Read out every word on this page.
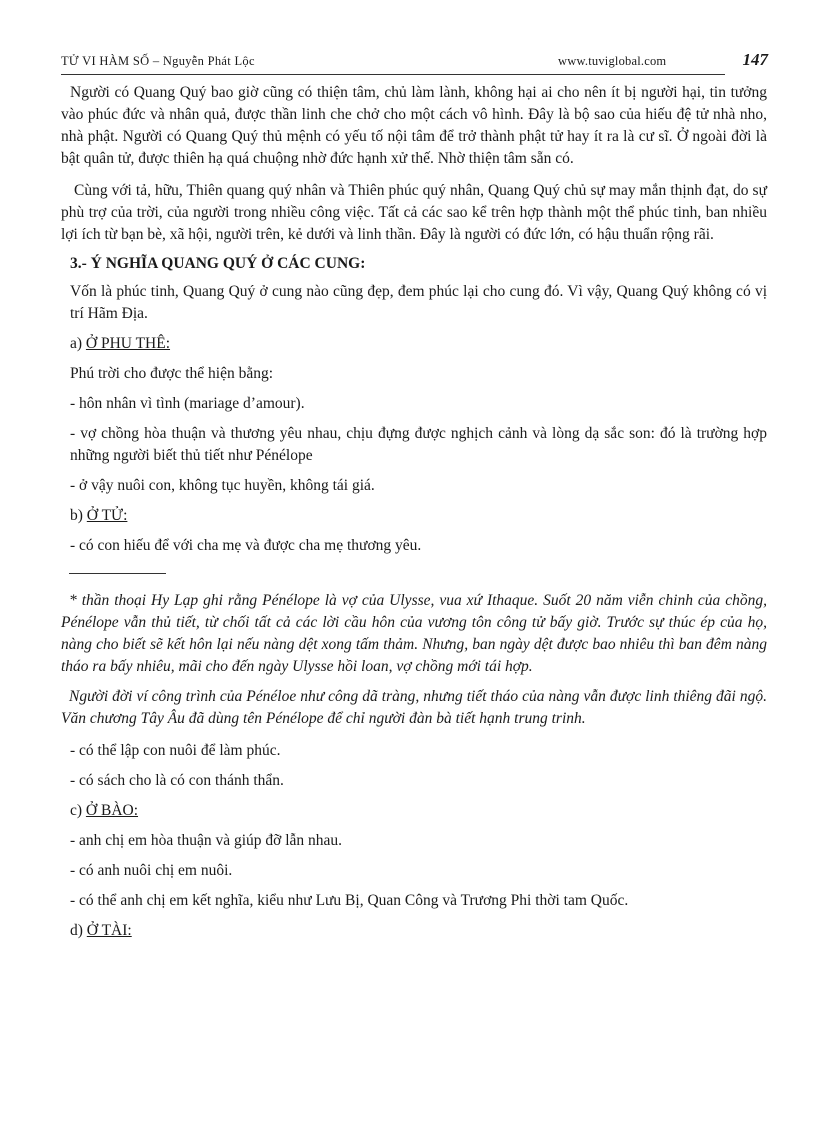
TỬ VI HÀM SỐ – Nguyễn Phát Lộc	www.tuviglobal.com	147

Người có Quang Quý bao giờ cũng có thiện tâm, chủ làm lành, không hại ai cho nên ít bị người hại, tin tưởng vào phúc đức và nhân quả, được thần linh che chở cho một cách vô hình. Đây là bộ sao của hiếu đệ tử nhà nho, nhà phật. Người có Quang Quý thủ mệnh có yếu tố nội tâm để trở thành phật tử hay ít ra là cư sĩ. Ở ngoài đời là bật quân tử, được thiên hạ quá chuộng nhờ đức hạnh xử thế. Nhờ thiện tâm sẵn có.

Cùng với tả, hữu, Thiên quang quý nhân và Thiên phúc quý nhân, Quang Quý chủ sự may mắn thịnh đạt, do sự phù trợ của trời, của người trong nhiều công việc. Tất cả các sao kể trên hợp thành một thể phúc tinh, ban nhiều lợi ích từ bạn bè, xã hội, người trên, kẻ dưới và linh thần. Đây là người có đức lớn, có hậu thuẩn rộng rãi.

3.- Ý NGHĨA QUANG QUÝ Ở CÁC CUNG:

Vốn là phúc tinh, Quang Quý ở cung nào cũng đẹp, đem phúc lại cho cung đó. Vì vậy, Quang Quý không có vị trí Hãm Địa.

a) Ở PHU THÊ:

Phú trời cho được thể hiện bằng:

- hôn nhân vì tình (mariage d’amour).

- vợ chồng hòa thuận và thương yêu nhau, chịu đựng được nghịch cảnh và lòng dạ sắc son: đó là trường hợp những người biết thủ tiết như Pénélope

- ở vậy nuôi con, không tục huyền, không tái giá.

b) Ở TỬ:

- có con hiếu để với cha mẹ và được cha mẹ thương yêu.

* thần thoại Hy Lạp ghi rằng Pénélope là vợ của Ulysse, vua xứ Ithaque. Suốt 20 năm viễn chinh của chồng, Pénélope vẫn thủ tiết, từ chối tất cả các lời cầu hôn của vương tôn công tử bấy giờ. Trước sự thúc ép của họ, nàng cho biết sẽ kết hôn lại nếu nàng dệt xong tấm thảm. Nhưng, ban ngày dệt được bao nhiêu thì ban đêm nàng tháo ra bấy nhiêu, mãi cho đến ngày Ulysse hồi loan, vợ chồng mới tái hợp.

Người đời ví công trình của Pénéloe như công dã tràng, nhưng tiết tháo của nàng vẫn được linh thiêng đãi ngộ. Văn chương Tây Âu đã dùng tên Pénélope để chỉ người đàn bà tiết hạnh trung trinh.

- có thể lập con nuôi để làm phúc.

- có sách cho là có con thánh thẩn.

c) Ở BÀO:

- anh chị em hòa thuận và giúp đỡ lẫn nhau.

- có anh nuôi chị em nuôi.

- có thể anh chị em kết nghĩa, kiểu như Lưu Bị, Quan Công và Trương Phi thời tam Quốc.

d) Ở TÀI:
